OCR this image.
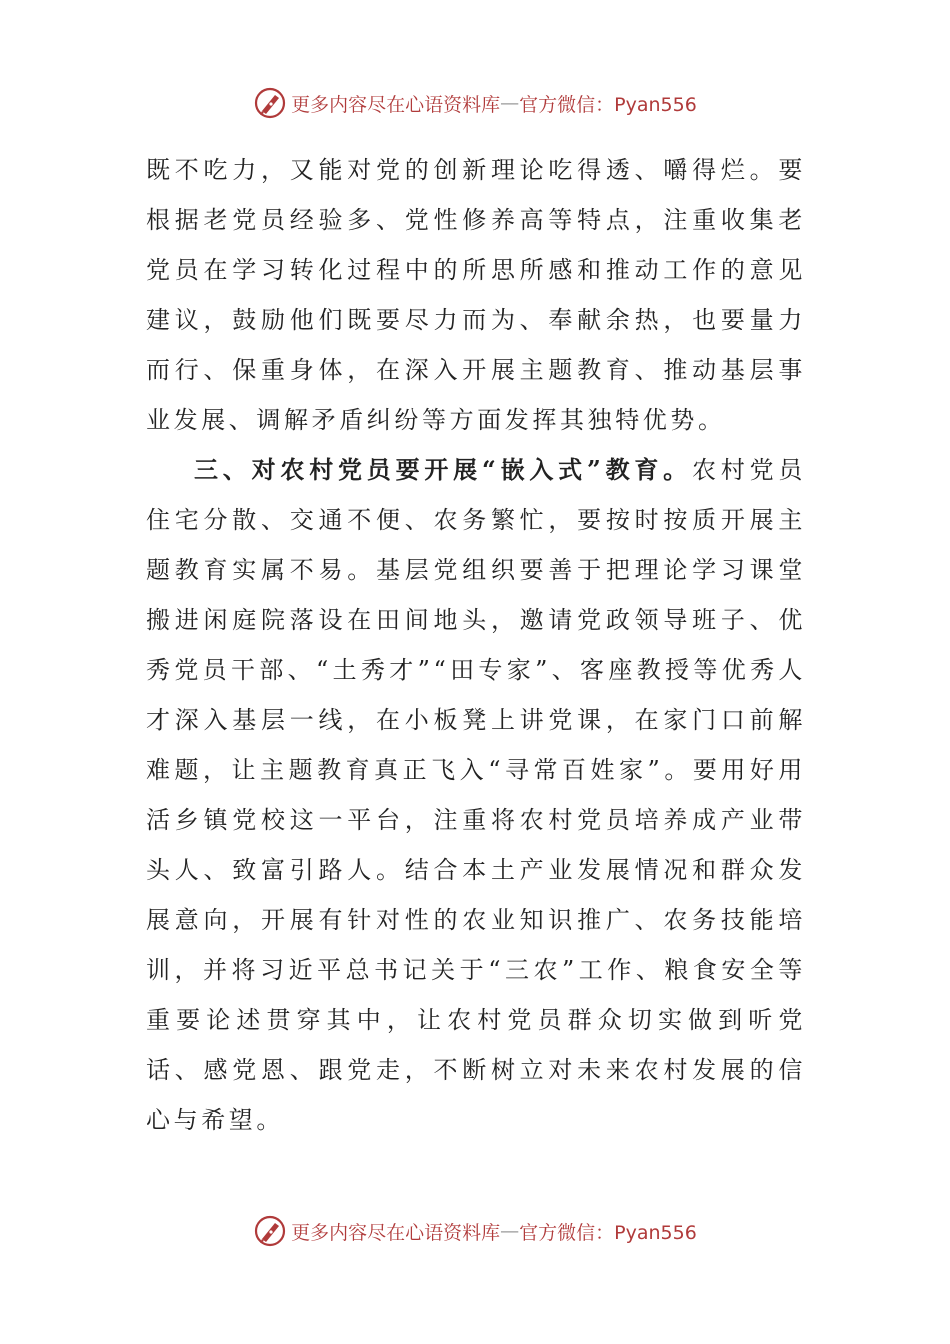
更多内容尽在心语资料库 — 官方微信：Pyan556

既不吃力，又能对党的创新理论吃得透、嚼得烂。要根据老党员经验多、党性修养高等特点，注重收集老党员在学习转化过程中的所思所感和推动工作的意见建议，鼓励他们既要尽力而为、奉献余热，也要量力而行、保重身体，在深入开展主题教育、推动基层事业发展、调解矛盾纠纷等方面发挥其独特优势。

三、对农村党员要开展“嵌入式”教育。农村党员住宅分散、交通不便、农务繁忙，要按时按质开展主题教育实属不易。基层党组织要善于把理论学习课堂搬进闲庭院落设在田间地头，邀请党政领导班子、优秀党员干部、“土秀才”“田专家”、客座教授等优秀人才深入基层一线，在小板凳上讲党课，在家门口前解难题，让主题教育真正飞入“寻常百姓家”。要用好用活乡镇党校这一平台，注重将农村党员培养成产业带头人、致富引路人。结合本土产业发展情况和群众发展意向，开展有针对性的农业知识推广、农务技能培训，并将习近平总书记关于“三农”工作、粮食安全等重要论述贯穿其中，让农村党员群众切实做到听党话、感党恩、跟党走，不断树立对未来农村发展的信心与希望。

更多内容尽在心语资料库 — 官方微信：Pyan556
